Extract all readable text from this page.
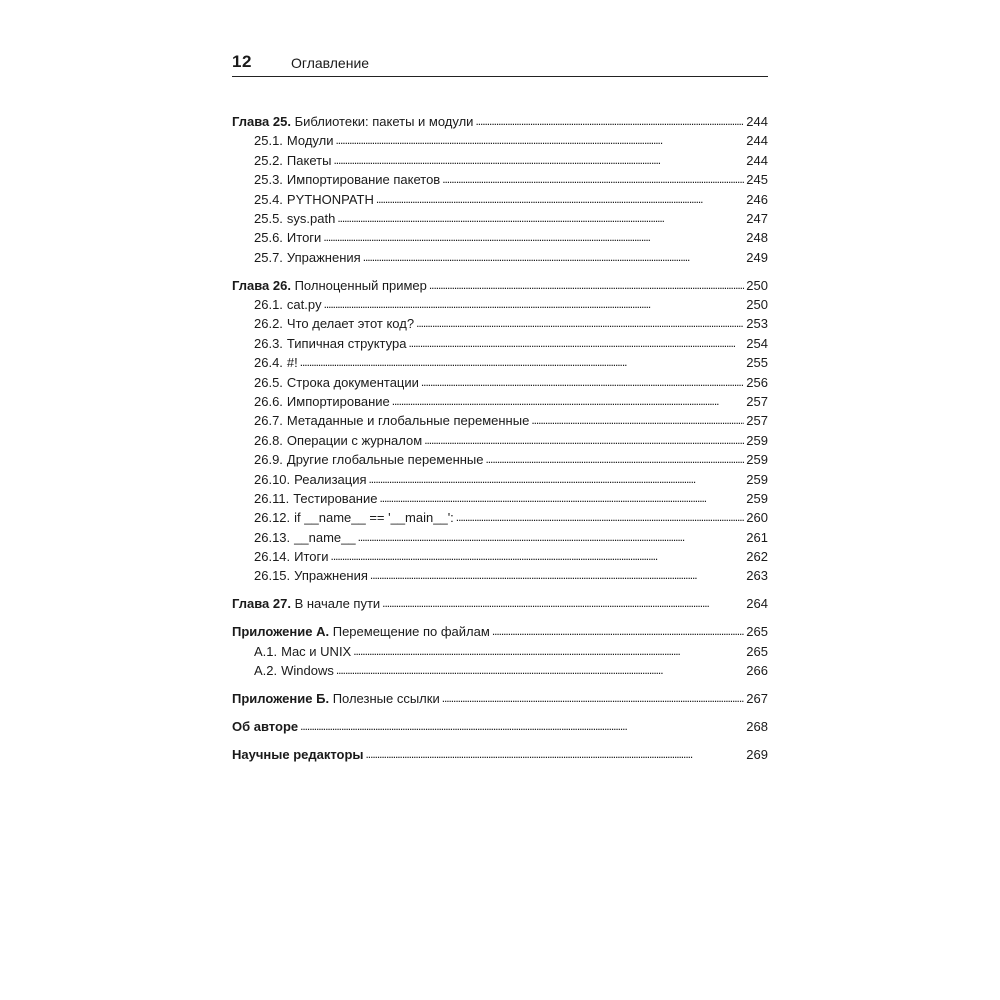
12	Оглавление
Глава 25. Библиотеки: пакеты и модули . . .	244
25.1. Модули . . .	244
25.2. Пакеты . . .	244
25.3. Импортирование пакетов . . .	245
25.4. PYTHONPATH . . .	246
25.5. sys.path . . .	247
25.6. Итоги . . .	248
25.7. Упражнения . . .	249
Глава 26. Полноценный пример . . .	250
26.1. cat.py . . .	250
26.2. Что делает этот код? . . .	253
26.3. Типичная структура . . .	254
26.4. #! . . .	255
26.5. Строка документации . . .	256
26.6. Импортирование . . .	257
26.7. Метаданные и глобальные переменные . . .	257
26.8. Операции с журналом . . .	259
26.9. Другие глобальные переменные . . .	259
26.10. Реализация . . .	259
26.11. Тестирование . . .	259
26.12. if __name__ == '__main__': . . .	260
26.13. __name__ . . .	261
26.14. Итоги . . .	262
26.15. Упражнения . . .	263
Глава 27. В начале пути . . .	264
Приложение А. Перемещение по файлам . . .	265
А.1. Mac и UNIX . . .	265
А.2. Windows . . .	266
Приложение Б. Полезные ссылки . . .	267
Об авторе . . .	268
Научные редакторы . . .	269
